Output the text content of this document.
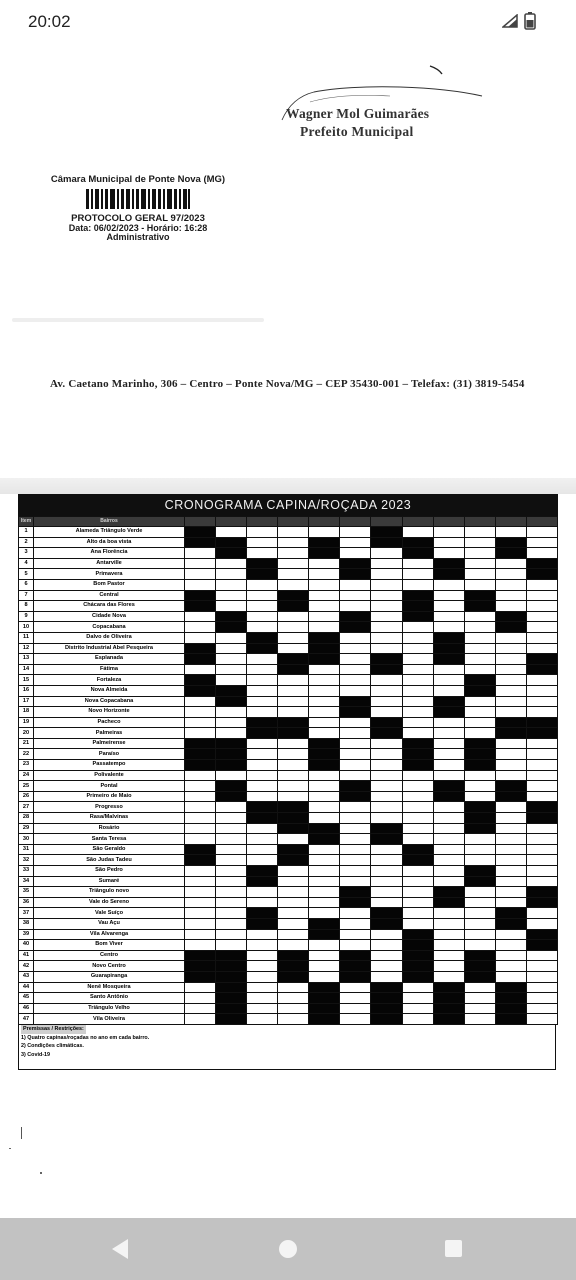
20:02
Wagner Mol Guimarães
Prefeito Municipal
Câmara Municipal de Ponte Nova (MG)
PROTOCOLO GERAL 97/2023
Data: 06/02/2023 - Horário: 16:28
Administrativo
Av. Caetano Marinho, 306 – Centro – Ponte Nova/MG – CEP 35430-001 – Telefax: (31) 3819-5454
CRONOGRAMA CAPINA/ROÇADA 2023
Item	Bairros												
1	Alameda Triângulo Verde												
2	Alto da boa vista												
3	Ana Florência												
4	Antarville												
5	Primavera												
6	Bom Pastor												
7	Central												
8	Chácara das Flores												
9	Cidade Nova												
10	Copacabana												
11	Dalvo de Oliveira												
12	Distrito Industrial Abel Pesqueira												
13	Esplanada												
14	Fátima												
15	Fortaleza												
16	Nova Almeida												
17	Nova Copacabana												
18	Novo Horizonte												
19	Pacheco												
20	Palmeiras												
21	Palmeirense												
22	Paraíso												
23	Passatempo												
24	Polivalente												
25	Pontal												
26	Primeiro de Maio												
27	Progresso												
28	Rasa/Malvinas												
29	Rosário												
30	Santa Teresa												
31	São Geraldo												
32	São Judas Tadeu												
33	São Pedro												
34	Sumaré												
35	Triângulo novo												
36	Vale do Sereno												
37	Vale Suíço												
38	Vau Açu												
39	Vila Alvarenga												
40	Bom Viver												
41	Centro												
42	Novo Centro												
43	Guarapiranga												
44	Nenê Mosqueira												
45	Santo Antônio												
46	Triângulo Velho												
47	Vila Oliveira												
Premissas / Restrições:
1) Quatro capinas/roçadas no ano em cada bairro.
2) Condições climáticas.
3) Covid-19
